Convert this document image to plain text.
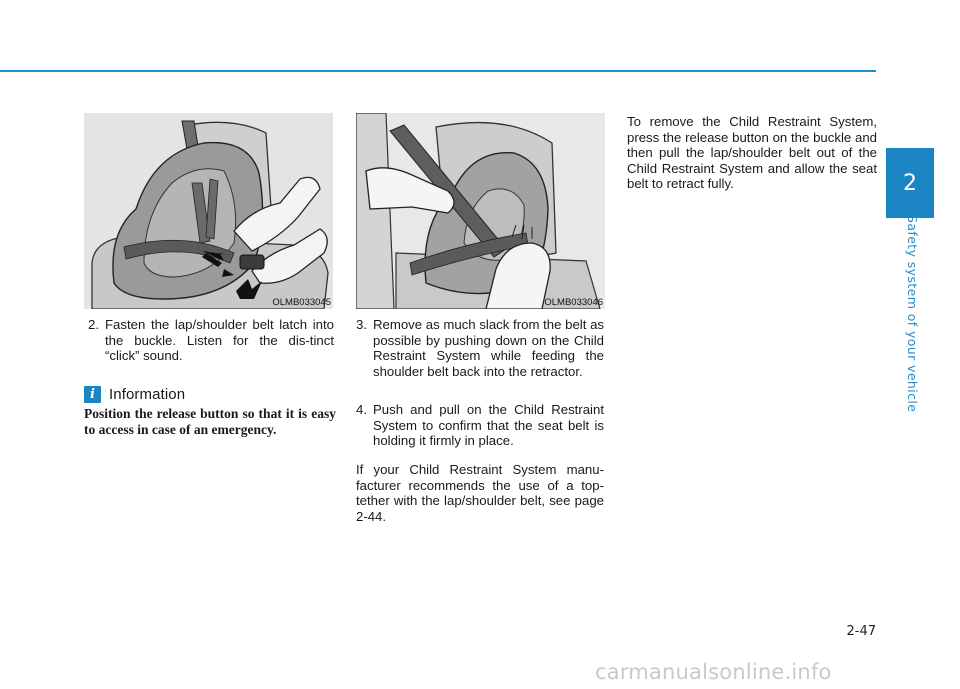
2
Safety system of your vehicle
OLMB033045	OLMB033046
2. Fasten the lap/shoulder belt latch into the buckle. Listen for the dis-tinct “click” sound.
i Information
Position the release button so that it is easy to access in case of an emergency.
3. Remove as much slack from the belt as possible by pushing down on the Child Restraint System while feeding the shoulder belt back into the retractor.
4. Push and pull on the Child Restraint System to confirm that the seat belt is holding it firmly in place.
If your Child Restraint System manu-facturer recommends the use of a top-tether with the lap/shoulder belt, see page 2-44.
To remove the Child Restraint System, press the release button on the buckle and then pull the lap/shoulder belt out of the Child Restraint System and allow the seat belt to retract fully.
2-47
carmanualsonline.info
